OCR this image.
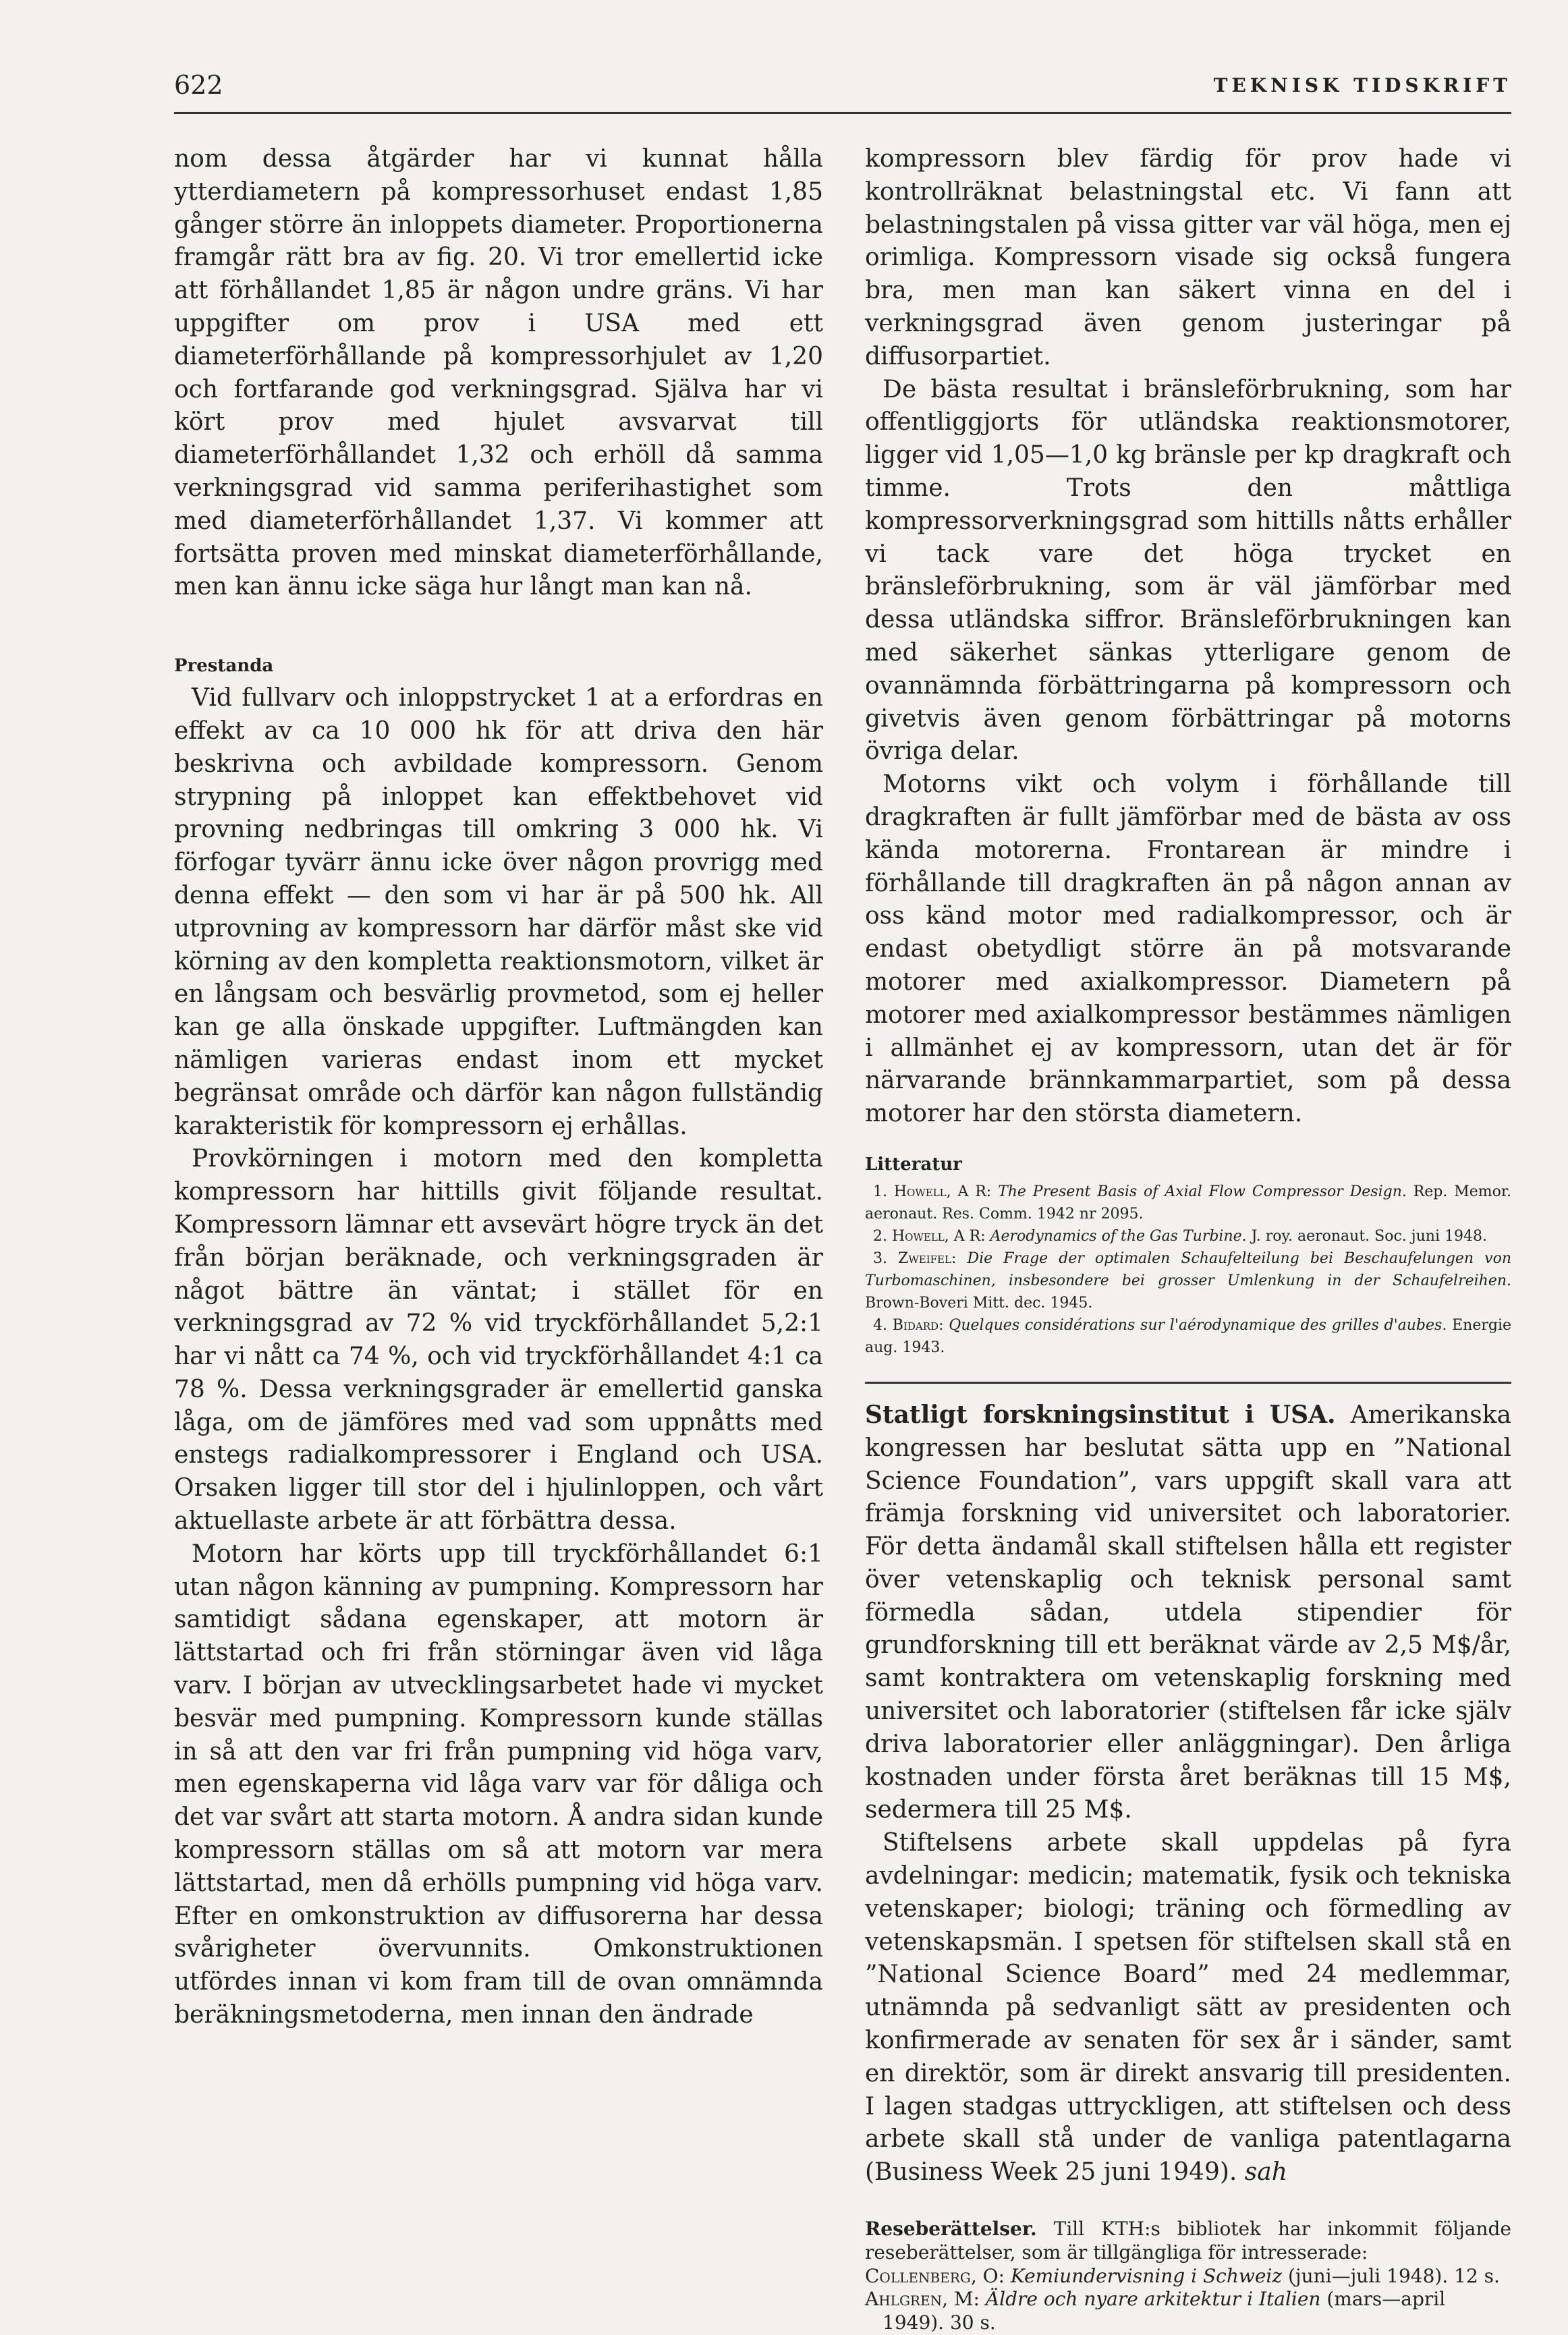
622	TEKNISK TIDSKRIFT

nom dessa åtgärder har vi kunnat hålla ytterdiametern på kompressorhuset endast 1,85 gånger större än inloppets diameter. Proportionerna framgår rätt bra av fig. 20. Vi tror emellertid icke att förhållandet 1,85 är någon undre gräns. Vi har uppgifter om prov i USA med ett diameterförhållande på kompressorhjulet av 1,20 och fortfarande god verkningsgrad. Själva har vi kört prov med hjulet avsvarvat till diameterförhållandet 1,32 och erhöll då samma verkningsgrad vid samma periferihastighet som med diameterförhållandet 1,37. Vi kommer att fortsätta proven med minskat diameterförhållande, men kan ännu icke säga hur långt man kan nå.

Prestanda

Vid fullvarv och inloppstrycket 1 at a erfordras en effekt av ca 10 000 hk för att driva den här beskrivna och avbildade kompressorn. Genom strypning på inloppet kan effektbehovet vid provning nedbringas till omkring 3 000 hk. Vi förfogar tyvärr ännu icke över någon provrigg med denna effekt — den som vi har är på 500 hk. All utprovning av kompressorn har därför måst ske vid körning av den kompletta reaktionsmotorn, vilket är en långsam och besvärlig provmetod, som ej heller kan ge alla önskade uppgifter. Luftmängden kan nämligen varieras endast inom ett mycket begränsat område och därför kan någon fullständig karakteristik för kompressorn ej erhållas.

Provkörningen i motorn med den kompletta kompressorn har hittills givit följande resultat. Kompressorn lämnar ett avsevärt högre tryck än det från början beräknade, och verkningsgraden är något bättre än väntat; i stället för en verkningsgrad av 72 % vid tryckförhållandet 5,2:1 har vi nått ca 74 %, och vid tryckförhållandet 4:1 ca 78 %. Dessa verkningsgrader är emellertid ganska låga, om de jämföres med vad som uppnåtts med enstegs radialkompressorer i England och USA. Orsaken ligger till stor del i hjulinloppen, och vårt aktuellaste arbete är att förbättra dessa.

Motorn har körts upp till tryckförhållandet 6:1 utan någon känning av pumpning. Kompressorn har samtidigt sådana egenskaper, att motorn är lättstartad och fri från störningar även vid låga varv. I början av utvecklingsarbetet hade vi mycket besvär med pumpning. Kompressorn kunde ställas in så att den var fri från pumpning vid höga varv, men egenskaperna vid låga varv var för dåliga och det var svårt att starta motorn. Å andra sidan kunde kompressorn ställas om så att motorn var mera lättstartad, men då erhölls pumpning vid höga varv. Efter en omkonstruktion av diffusorerna har dessa svårigheter övervunnits. Omkonstruktionen utfördes innan vi kom fram till de ovan omnämnda beräkningsmetoderna, men innan den ändrade

kompressorn blev färdig för prov hade vi kontrollräknat belastningstal etc. Vi fann att belastningstalen på vissa gitter var väl höga, men ej orimliga. Kompressorn visade sig också fungera bra, men man kan säkert vinna en del i verkningsgrad även genom justeringar på diffusorpartiet.

De bästa resultat i bränsleförbrukning, som har offentliggjorts för utländska reaktionsmotorer, ligger vid 1,05—1,0 kg bränsle per kp dragkraft och timme. Trots den måttliga kompressorverkningsgrad som hittills nåtts erhåller vi tack vare det höga trycket en bränsleförbrukning, som är väl jämförbar med dessa utländska siffror. Bränsleförbrukningen kan med säkerhet sänkas ytterligare genom de ovannämnda förbättringarna på kompressorn och givetvis även genom förbättringar på motorns övriga delar.

Motorns vikt och volym i förhållande till dragkraften är fullt jämförbar med de bästa av oss kända motorerna. Frontarean är mindre i förhållande till dragkraften än på någon annan av oss känd motor med radialkompressor, och är endast obetydligt större än på motsvarande motorer med axialkompressor. Diametern på motorer med axialkompressor bestämmes nämligen i allmänhet ej av kompressorn, utan det är för närvarande brännkammarpartiet, som på dessa motorer har den största diametern.

Litteratur
1. Howell, A R: The Present Basis of Axial Flow Compressor Design. Rep. Memor. aeronaut. Res. Comm. 1942 nr 2095.
2. Howell, A R: Aerodynamics of the Gas Turbine. J. roy. aeronaut. Soc. juni 1948.
3. Zweifel: Die Frage der optimalen Schaufelteilung bei Beschaufelungen von Turbomaschinen, insbesondere bei grosser Umlenkung in der Schaufelreihen. Brown-Boveri Mitt. dec. 1945.
4. Bidard: Quelques considérations sur l'aérodynamique des grilles d'aubes. Energie aug. 1943.

Statligt forskningsinstitut i USA. Amerikanska kongressen har beslutat sätta upp en ”National Science Foundation”, vars uppgift skall vara att främja forskning vid universitet och laboratorier. För detta ändamål skall stiftelsen hålla ett register över vetenskaplig och teknisk personal samt förmedla sådan, utdela stipendier för grundforskning till ett beräknat värde av 2,5 M$/år, samt kontraktera om vetenskaplig forskning med universitet och laboratorier (stiftelsen får icke själv driva laboratorier eller anläggningar). Den årliga kostnaden under första året beräknas till 15 M$, sedermera till 25 M$.

Stiftelsens arbete skall uppdelas på fyra avdelningar: medicin; matematik, fysik och tekniska vetenskaper; biologi; träning och förmedling av vetenskapsmän. I spetsen för stiftelsen skall stå en ”National Science Board” med 24 medlemmar, utnämnda på sedvanligt sätt av presidenten och konfirmerade av senaten för sex år i sänder, samt en direktör, som är direkt ansvarig till presidenten. I lagen stadgas uttryckligen, att stiftelsen och dess arbete skall stå under de vanliga patentlagarna (Business Week 25 juni 1949). sah

Reseberättelser. Till KTH:s bibliotek har inkommit följande reseberättelser, som är tillgängliga för intresserade:

Collenberg, O: Kemiundervisning i Schweiz (juni—juli 1948). 12 s.

Ahlgren, M: Äldre och nyare arkitektur i Italien (mars—april 1949). 30 s.
